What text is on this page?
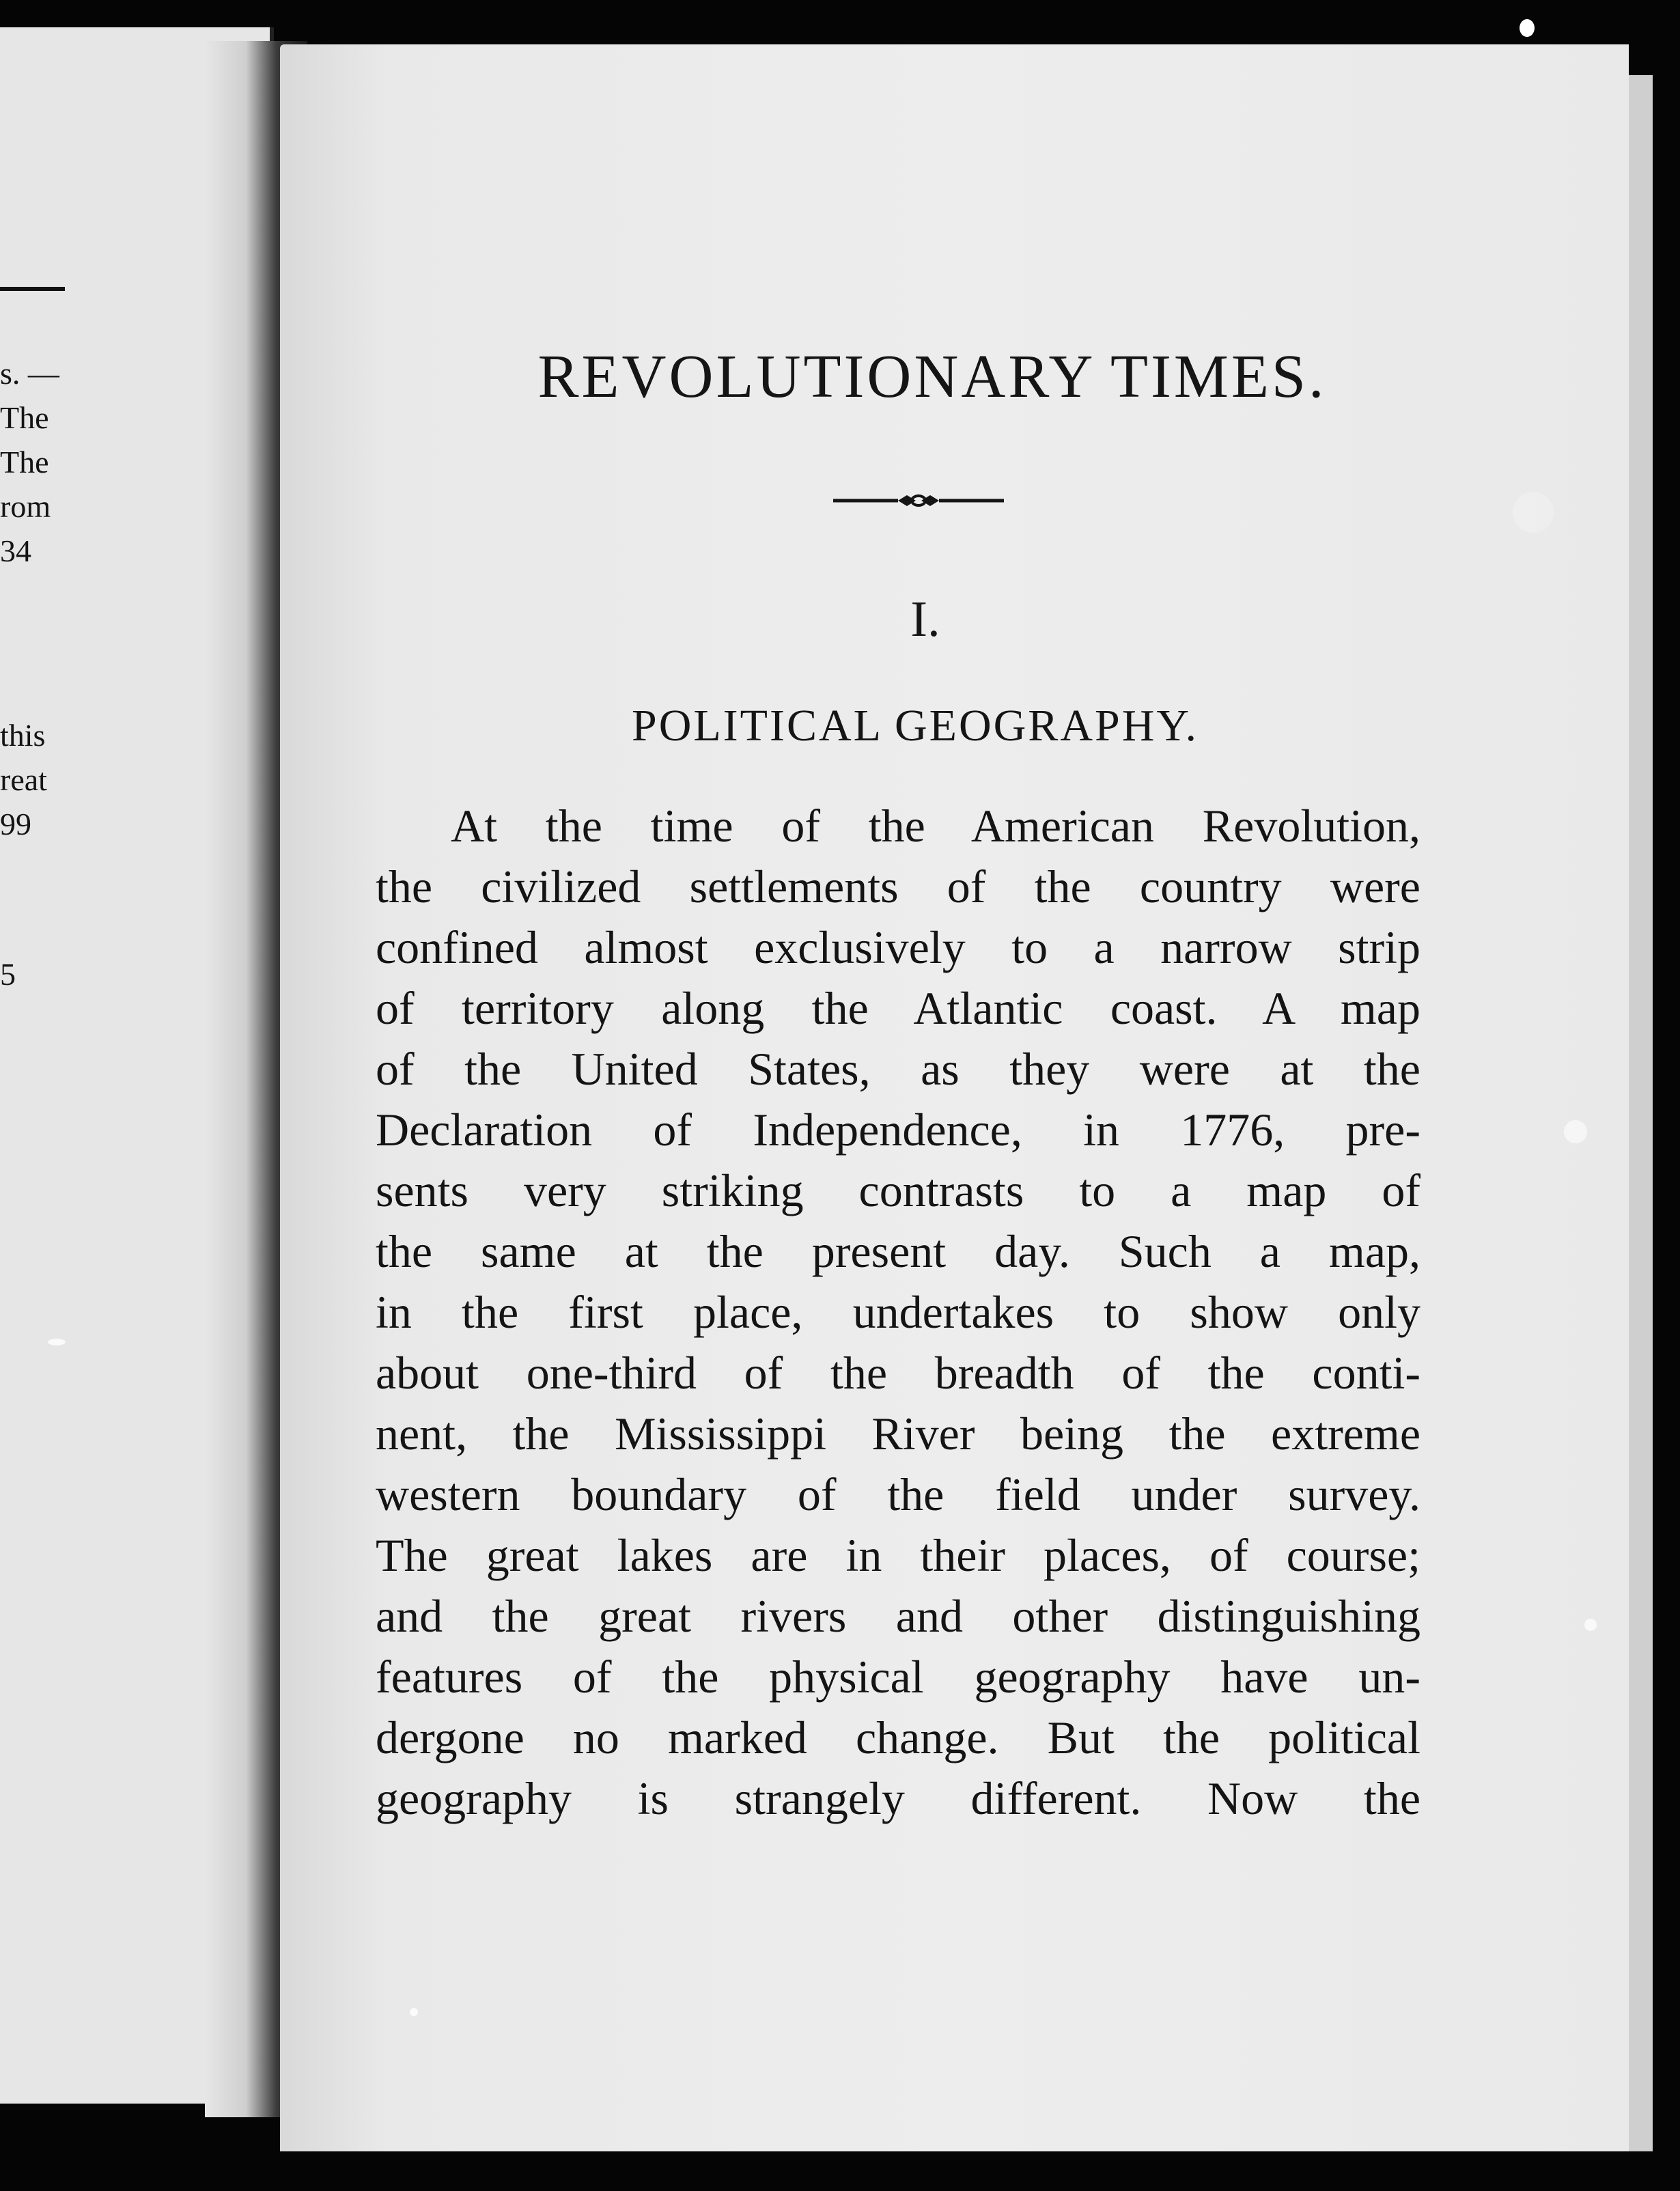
s. —
The
The
rom
34
this
reat
99
5
REVOLUTIONARY TIMES.
I.
POLITICAL GEOGRAPHY.
At the time of the American Revolution,
the civilized settlements of the country were
confined almost exclusively to a narrow strip
of territory along the Atlantic coast. A map
of the United States, as they were at the
Declaration of Independence, in 1776, pre-
sents very striking contrasts to a map of
the same at the present day. Such a map,
in the first place, undertakes to show only
about one-third of the breadth of the conti-
nent, the Mississippi River being the extreme
western boundary of the field under survey.
The great lakes are in their places, of course;
and the great rivers and other distinguishing
features of the physical geography have un-
dergone no marked change. But the political
geography is strangely different. Now the
